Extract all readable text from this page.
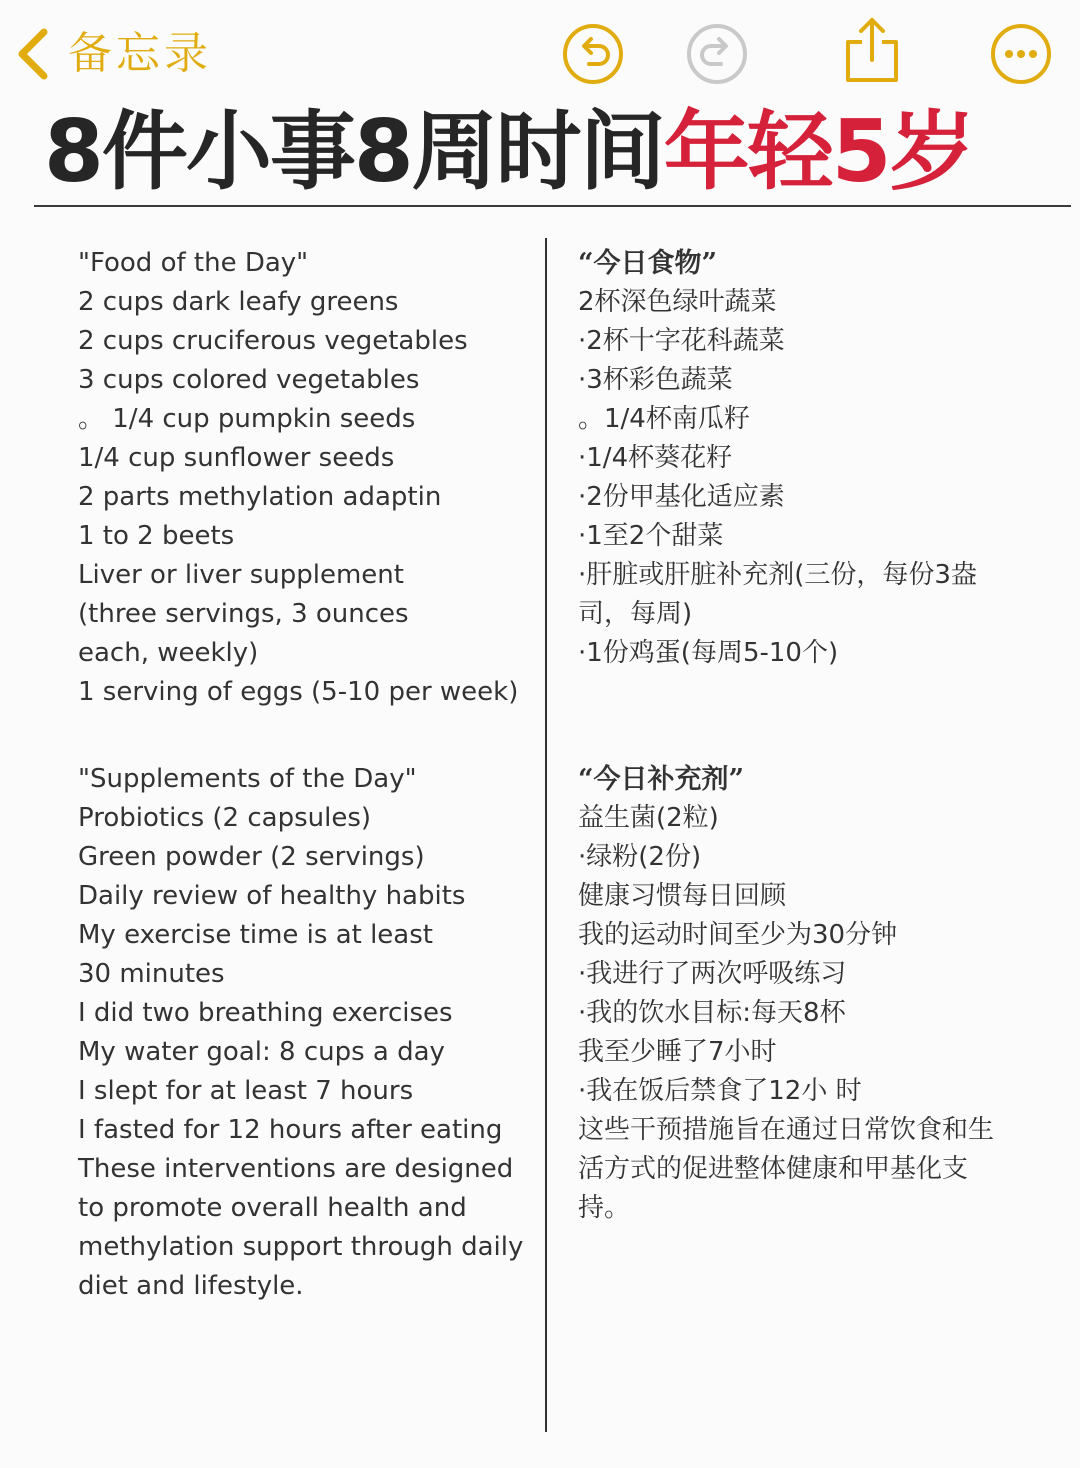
备忘录
8件小事8周时间年轻5岁
"Food of the Day"
2 cups dark leafy greens
2 cups cruciferous vegetables
3 cups colored vegetables
。 1/4 cup pumpkin seeds
1/4 cup sunflower seeds
2 parts methylation adaptin
1 to 2 beets
Liver or liver supplement (three servings, 3 ounces each, weekly)
1 serving of eggs (5-10 per week)
“今日食物”
2杯深色绿叶蔬菜
·2杯十字花科蔬菜
·3杯彩色蔬菜
。1/4杯南瓜籽
·1/4杯葵花籽
·2份甲基化适应素
·1至2个甜菜
·肝脏或肝脏补充剂(三份，每份3盎司，每周)
·1份鸡蛋(每周5-10个)
"Supplements of the Day"
Probiotics (2 capsules)
Green powder (2 servings)
Daily review of healthy habits
My exercise time is at least 30 minutes
I did two breathing exercises
My water goal: 8 cups a day
I slept for at least 7 hours
I fasted for 12 hours after eating
These interventions are designed to promote overall health and methylation support through daily diet and lifestyle.
“今日补充剂”
益生菌(2粒)
·绿粉(2份)
健康习惯每日回顾
我的运动时间至少为30分钟
·我进行了两次呼吸练习
·我的饮水目标:每天8杯
我至少睡了7小时
·我在饭后禁食了12小 时
这些干预措施旨在通过日常饮食和生活方式的促进整体健康和甲基化支持。
